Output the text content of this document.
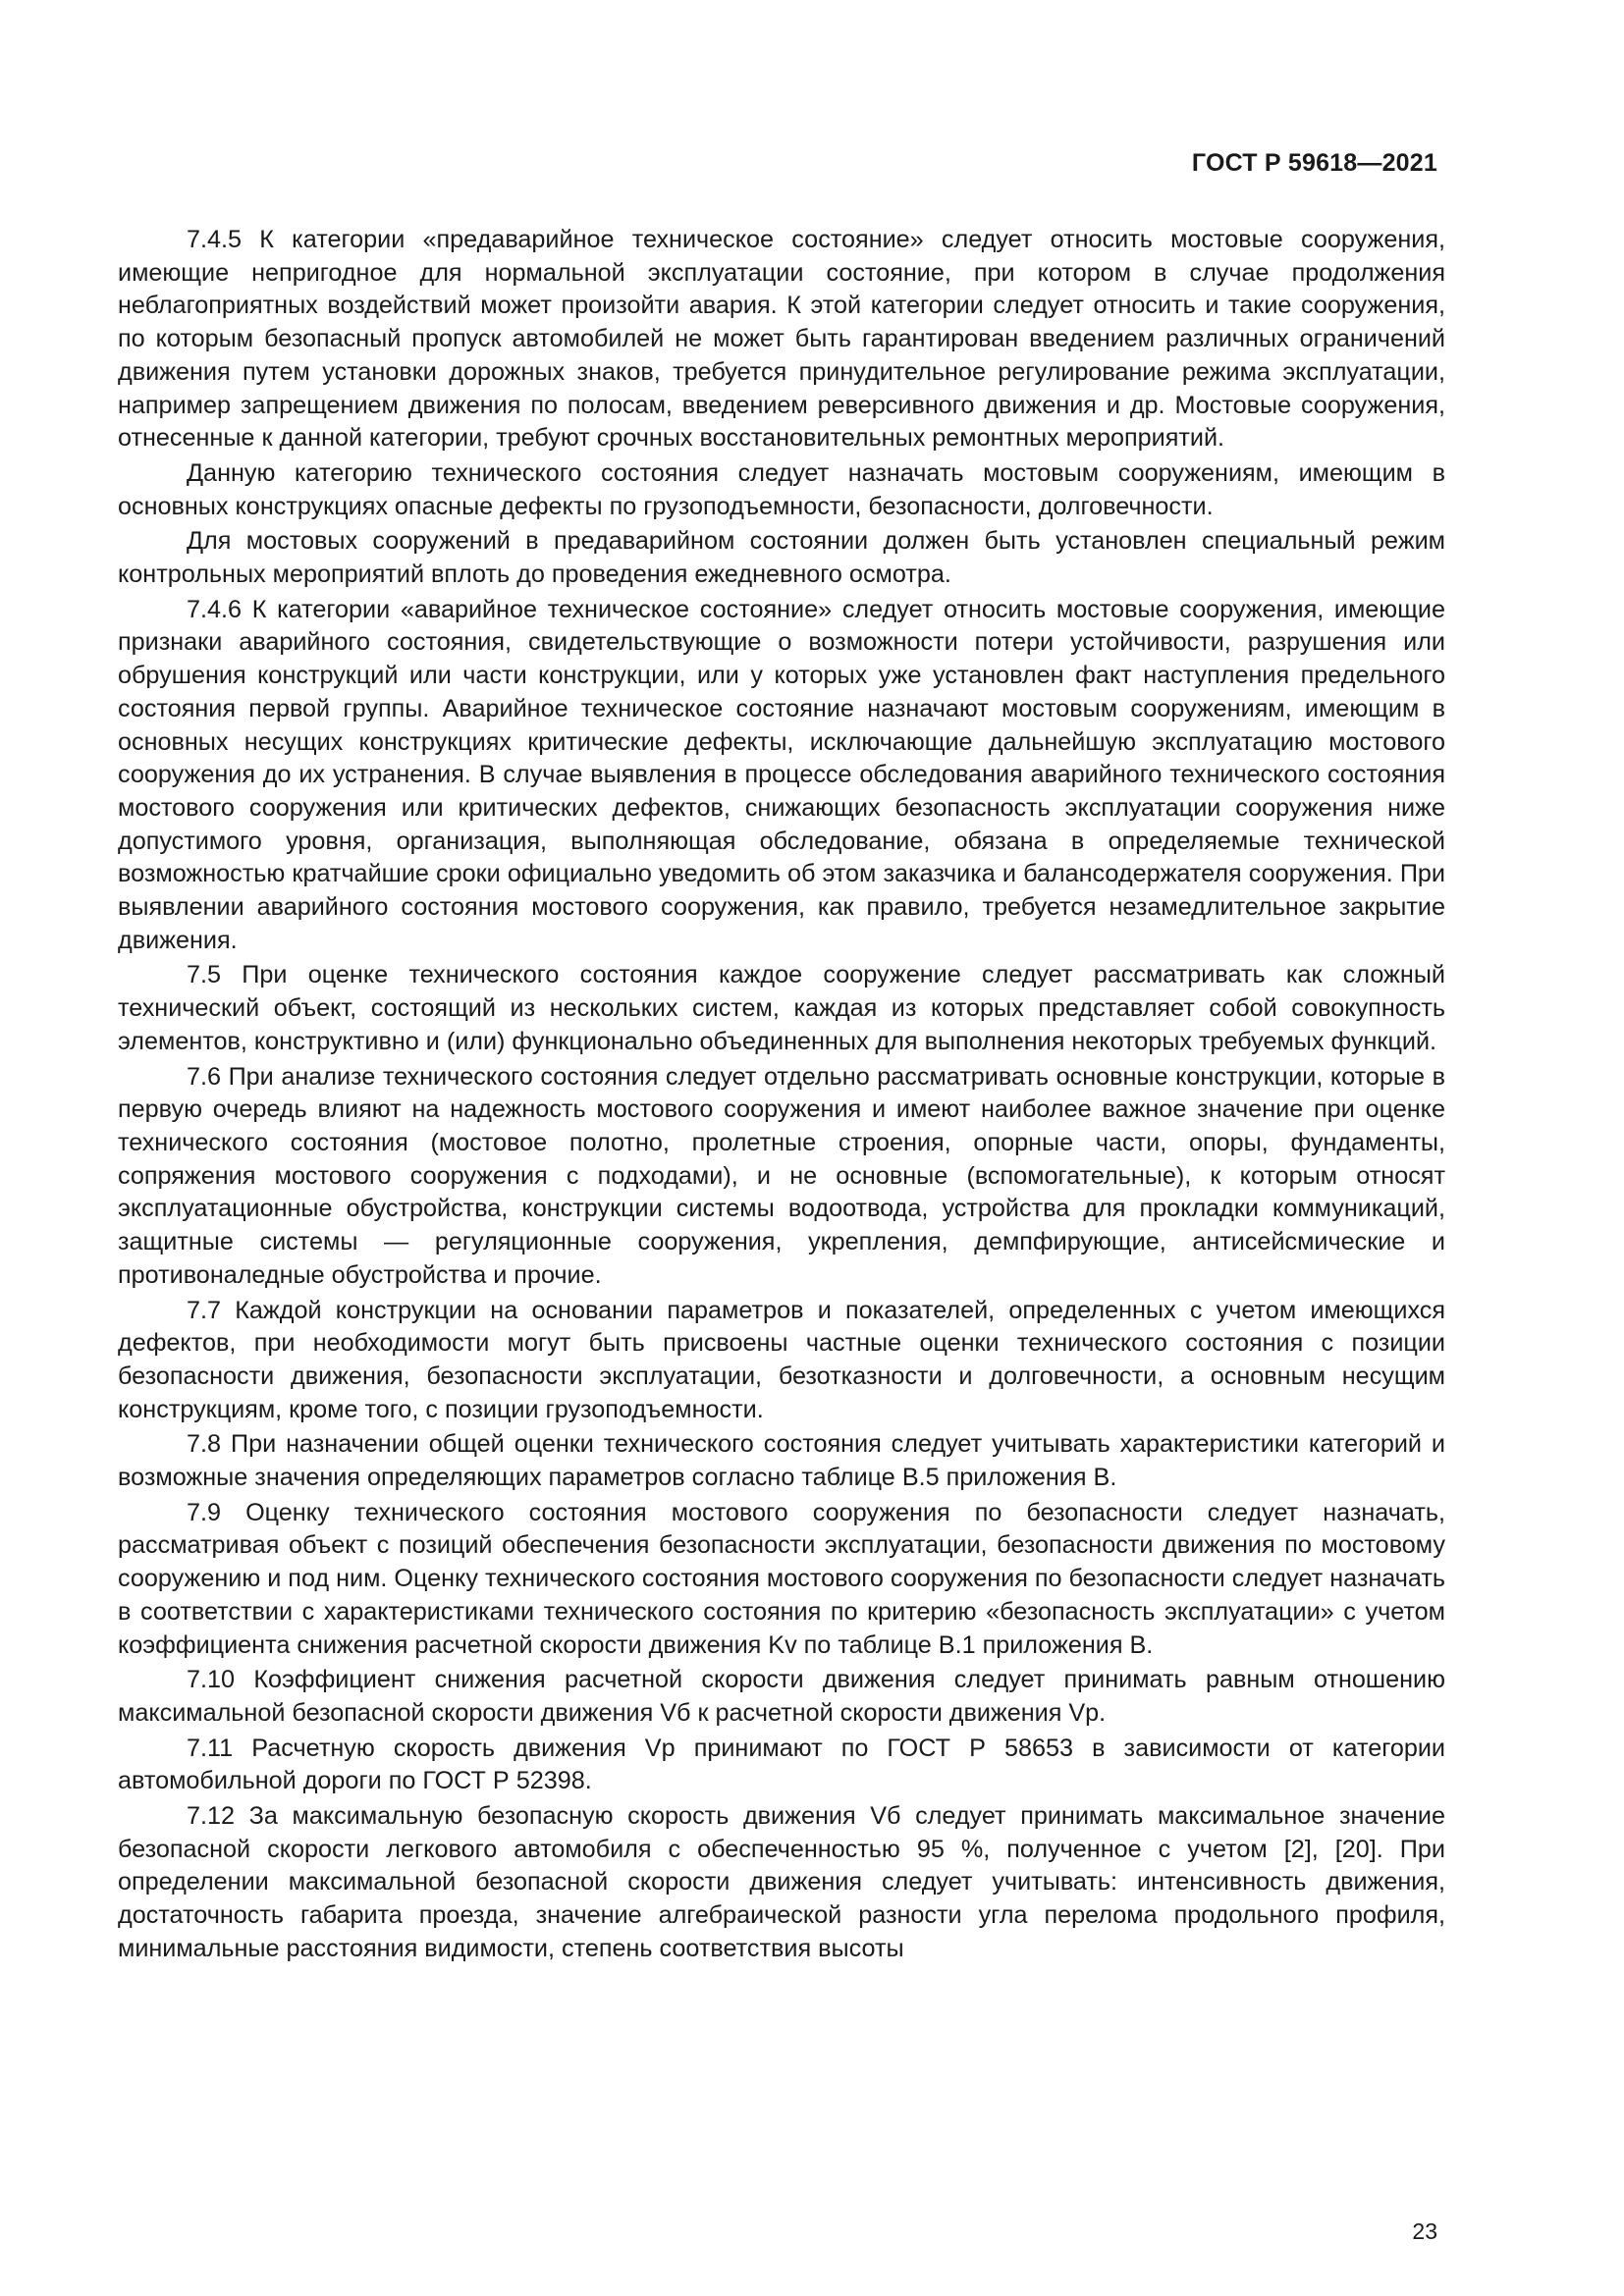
ГОСТ Р 59618—2021

7.4.5 К категории «предаварийное техническое состояние» следует относить мостовые сооружения, имеющие непригодное для нормальной эксплуатации состояние, при котором в случае продолжения неблагоприятных воздействий может произойти авария. К этой категории следует относить и такие сооружения, по которым безопасный пропуск автомобилей не может быть гарантирован введением различных ограничений движения путем установки дорожных знаков, требуется принудительное регулирование режима эксплуатации, например запрещением движения по полосам, введением реверсивного движения и др. Мостовые сооружения, отнесенные к данной категории, требуют срочных восстановительных ремонтных мероприятий.

Данную категорию технического состояния следует назначать мостовым сооружениям, имеющим в основных конструкциях опасные дефекты по грузоподъемности, безопасности, долговечности.

Для мостовых сооружений в предаварийном состоянии должен быть установлен специальный режим контрольных мероприятий вплоть до проведения ежедневного осмотра.

7.4.6 К категории «аварийное техническое состояние» следует относить мостовые сооружения, имеющие признаки аварийного состояния, свидетельствующие о возможности потери устойчивости, разрушения или обрушения конструкций или части конструкции, или у которых уже установлен факт наступления предельного состояния первой группы. Аварийное техническое состояние назначают мостовым сооружениям, имеющим в основных несущих конструкциях критические дефекты, исключающие дальнейшую эксплуатацию мостового сооружения до их устранения. В случае выявления в процессе обследования аварийного технического состояния мостового сооружения или критических дефектов, снижающих безопасность эксплуатации сооружения ниже допустимого уровня, организация, выполняющая обследование, обязана в определяемые технической возможностью кратчайшие сроки официально уведомить об этом заказчика и балансодержателя сооружения. При выявлении аварийного состояния мостового сооружения, как правило, требуется незамедлительное закрытие движения.

7.5 При оценке технического состояния каждое сооружение следует рассматривать как сложный технический объект, состоящий из нескольких систем, каждая из которых представляет собой совокупность элементов, конструктивно и (или) функционально объединенных для выполнения некоторых требуемых функций.

7.6 При анализе технического состояния следует отдельно рассматривать основные конструкции, которые в первую очередь влияют на надежность мостового сооружения и имеют наиболее важное значение при оценке технического состояния (мостовое полотно, пролетные строения, опорные части, опоры, фундаменты, сопряжения мостового сооружения с подходами), и не основные (вспомогательные), к которым относят эксплуатационные обустройства, конструкции системы водоотвода, устройства для прокладки коммуникаций, защитные системы — регуляционные сооружения, укрепления, демпфирующие, антисейсмические и противоналедные обустройства и прочие.

7.7 Каждой конструкции на основании параметров и показателей, определенных с учетом имеющихся дефектов, при необходимости могут быть присвоены частные оценки технического состояния с позиции безопасности движения, безопасности эксплуатации, безотказности и долговечности, а основным несущим конструкциям, кроме того, с позиции грузоподъемности.

7.8 При назначении общей оценки технического состояния следует учитывать характеристики категорий и возможные значения определяющих параметров согласно таблице В.5 приложения В.

7.9 Оценку технического состояния мостового сооружения по безопасности следует назначать, рассматривая объект с позиций обеспечения безопасности эксплуатации, безопасности движения по мостовому сооружению и под ним. Оценку технического состояния мостового сооружения по безопасности следует назначать в соответствии с характеристиками технического состояния по критерию «безопасность эксплуатации» с учетом коэффициента снижения расчетной скорости движения Kv по таблице В.1 приложения В.

7.10 Коэффициент снижения расчетной скорости движения следует принимать равным отношению максимальной безопасной скорости движения Vб к расчетной скорости движения Vр.

7.11 Расчетную скорость движения Vр принимают по ГОСТ Р 58653 в зависимости от категории автомобильной дороги по ГОСТ Р 52398.

7.12 За максимальную безопасную скорость движения Vб следует принимать максимальное значение безопасной скорости легкового автомобиля с обеспеченностью 95 %, полученное с учетом [2], [20]. При определении максимальной безопасной скорости движения следует учитывать: интенсивность движения, достаточность габарита проезда, значение алгебраической разности угла перелома продольного профиля, минимальные расстояния видимости, степень соответствия высоты

23
